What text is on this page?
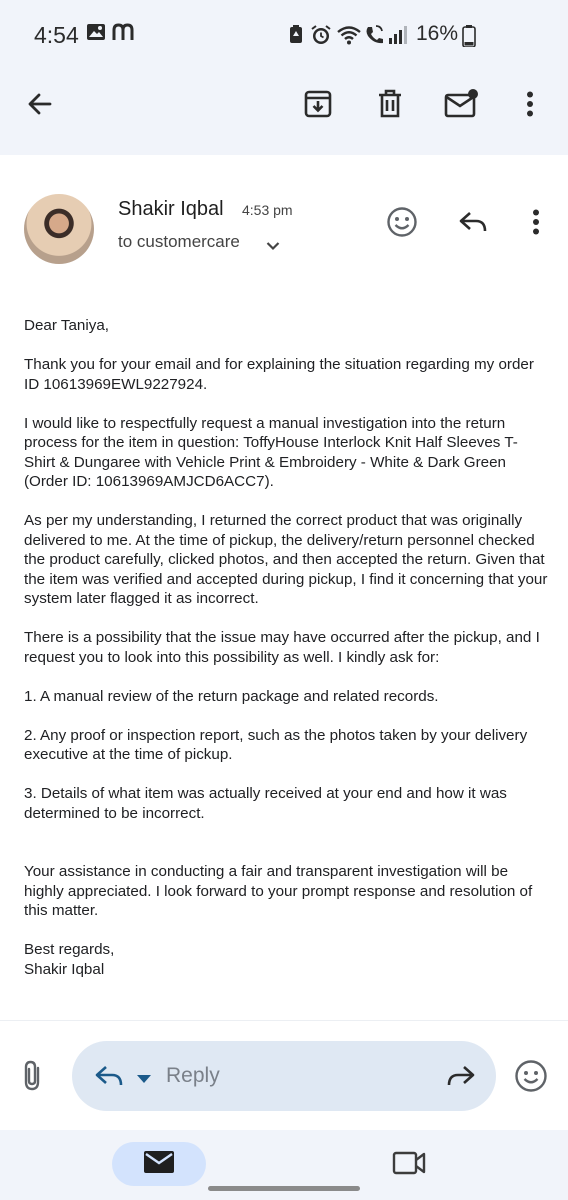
4:54	16%
Shakir Iqbal 4:53 pm
to customercare

Dear Taniya,

Thank you for your email and for explaining the situation regarding my order ID 10613969EWL9227924.

I would like to respectfully request a manual investigation into the return process for the item in question: ToffyHouse Interlock Knit Half Sleeves T-Shirt & Dungaree with Vehicle Print & Embroidery - White & Dark Green (Order ID: 10613969AMJCD6ACC7).

As per my understanding, I returned the correct product that was originally delivered to me. At the time of pickup, the delivery/return personnel checked the product carefully, clicked photos, and then accepted the return. Given that the item was verified and accepted during pickup, I find it concerning that your system later flagged it as incorrect.

There is a possibility that the issue may have occurred after the pickup, and I request you to look into this possibility as well. I kindly ask for:

1. A manual review of the return package and related records.

2. Any proof or inspection report, such as the photos taken by your delivery executive at the time of pickup.

3. Details of what item was actually received at your end and how it was determined to be incorrect.

Your assistance in conducting a fair and transparent investigation will be highly appreciated. I look forward to your prompt response and resolution of this matter.

Best regards,
Shakir Iqbal

Reply
